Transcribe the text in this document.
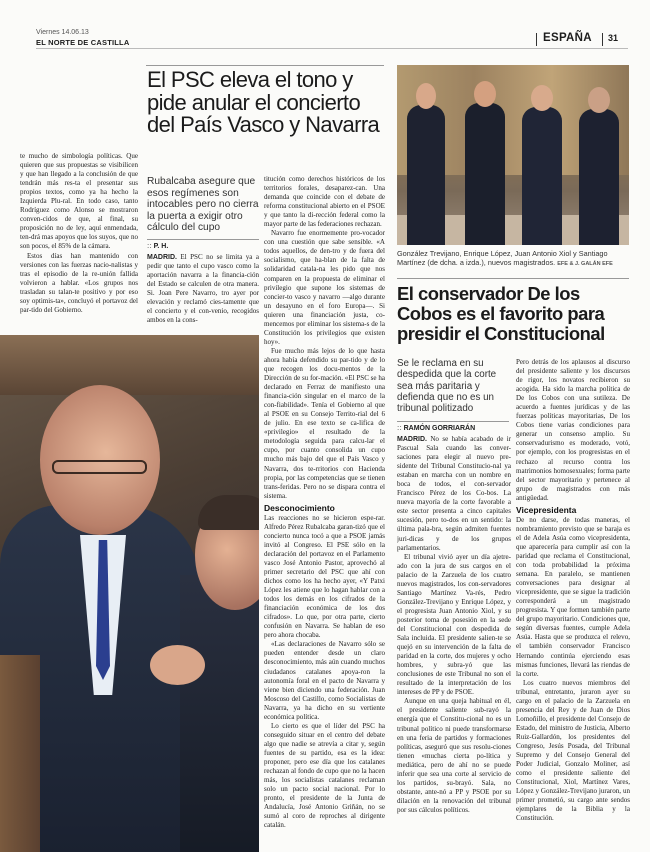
Viernes 14.06.13
EL NORTE DE CASTILLA	ESPAÑA 31

te mucho de simbología políticas. Que quieren que sus propuestas se visibilicen y que han llegado a la conclusión de que tendrán más res-ta el presentar sus propios textos, como ya ha hecho la Izquierda Plu-ral. En todo caso, tanto Rodríguez como Alonso se mostraron conven-cidos de que, al final, su proposición no de ley, aquí enmendada, ten-drá mas apoyos que los suyos, que no son pocos, el 85% de la cámara.

Estos días han mantenido con versiones con las fuerzas nacio-nalistas y tras el episodio de la re-unión fallida volvieron a hablar. «Los grupos nos trasladan su talan-te positivo y por eso soy optimis-ta», concluyó el portavoz del par-tido del Gobierno.

El PSC eleva el tono y pide anular el concierto del País Vasco y Navarra
Rubalcaba asegure que esos regímenes son intocables pero no cierra la puerta a exigir otro cálculo del cupo
:: P. H.

MADRID. El PSC no se limita ya a pedir que tanto el cupo vasco como la aportación navarra a la financia-ción del Estado se calculen de otra manera. Si. Joan Pere Navarro, tro ayer por elevación y reclamó cies-tamente que el concierto y el con-venio, recogidos ambos en la cons-

titución como derechos históricos de los territorios forales, desaparez-can. Una demanda que coincide con el debate de reforma constitucional abierto en el PSOE y que tanto la di-rección federal como la mayor parte de las federaciones rechazan.

Navarro fue enormemente pro-vocador con una cuestión que sabe sensible. «A todos aquellos, de den-tro y de fuera del socialismo, que ha-blan de la falta de solidaridad catala-na les pido que nos comparen en la propuesta de eliminar el privilegio que supone los sistemas de concier-to vasco y navarro —algo durante un desayuno en el foro Europa—. Si quieren una financiación justa, co-mencemos por eliminar los sistema-s de la Constitución los privilegios que existen hoy».

Fue mucho más lejos de lo que hasta ahora había defendido su par-tido y de lo que recogen los docu-mentos de la Dirección de su for-mación. «El PSC se ha declarado en Ferraz de manifiesto una financia-ción singular en el marco de la con-fiabilidad». Tenía el Gobierno al que al PSOE en su Consejo Territo-rial del 6 de julio. En ese texto se ca-lifica de «privilegio» el resultado de la metodología seguida para calcu-lar el cupo, por cuanto consolida un cupo mucho más bajo del que el País Vasco y Navarra, dos te-rritorios con Hacienda propia, por las competencias que se tienen trans-feridas. Pero no se dispara contra el sistema.

Desconocimiento

Las reacciones no se hicieron espe-rar. Alfredo Pérez Rubalcaba garan-tizó que el concierto nunca tocó a que a PSOE jamás invitó al Congreso. El PSE sólo en la declaración del portavoz en el Parlamento vasco José Antonio Pastor, aprovechó al primer secretario del PSC que ahí con dichos como los ha hecho ayer, «Y Patxi López les atiene que lo hagan hablar con a todos los demás en los cifrados de la financiación económica de los dos cifrados». Lo que, por otra parte, cierto confusión en Navarra. Se hablan de eso pero ahora chocaba.

«Las declaraciones de Navarro sólo se pueden entender desde un claro desconocimiento, más aún cuando muchos ciudadanos catalanes apoya-ron la autonomía foral en el pacto de Navarra y viene bien diciendo una federación. Juan Moscoso del Castillo, como Socialistas de Navarra, ya ha dicho en su vertiente económica política.

Lo cierto es que el líder del PSC ha conseguido situar en el centro del debate algo que nadie se atrevía a citar y, según fuentes de su partido, esa es la idea: proponer, pero ese día que los catalanes rechazan al fondo de cupo que no la hacen más, los socialistas catalanes reclaman solo un pacto social nacional. Por lo pronto, el presidente de la Junta de Andalucía, José Antonio Griñán, no se sumó al coro de reproches al dirigente catalán.

González Trevijano, Enrique López, Juan Antonio Xiol y Santiago Martínez (de dcha. a izda.), nuevos magistrados. EFE & J. GALÁN EFE
El conservador De los Cobos es el favorito para presidir el Constitucional
Se le reclama en su despedida que la corte sea más paritaria y defienda que no es un tribunal politizado
:: RAMÓN GORRIARÁN

MADRID. No se había acabado de ir Pascual Sala cuando las conver-saciones para elegir al nuevo pre-sidente del Tribunal Constitucio-nal ya estaban en marcha con un nombre en boca de todos, el con-servador Francisco Pérez de los Co-bos. La nueva mayoría de la corte favorable a este sector presenta a cinco capitales sucesión, pero to-dos en un sentido: la última pala-bra, según admiten fuentes juri-dicas y de los grupos parlamentarios.

El tribunal vivió ayer un día ajetre-ado con la jura de sus cargos en el palacio de la Zarzuela de los cuatro nuevos magistrados, los con-servadores Santiago Martínez Va-rés, Pedro González-Trevijano y Enrique López, y el progresista Juan Antonio Xiol, y su posterior toma de posesión en la sede del Constitucional con despedida de Sala incluida. El presidente salien-te se quejó en su intervención de la falta de paridad en la corte, dos mujeres y ocho hombres, y subra-yó que las conclusiones de este Tribunal no son el resultado de la interpretación de los intereses de PP y de PSOE.

Aunque en una queja habitual en él, el presidente saliente sub-rayó la energía que el Constitu-cional no es un tribunal político ni puede transformarse en una feria de partidos y formaciones políticas, aseguró que sus resolu-ciones tienen «muchas cierta po-lítica y mediática, pero de ahí no se puede inferir que sea una corte al servicio de los partidos, su-brayó. Sala, no obstante, ante-nó a PP y PSOE por su dilación en la renovación del tribunal por sus cálculos políticos.

Pero detrás de los aplausos al discurso del presidente saliente y los discursos de rigor, los novatos recibieron su acogida. Ha sido la marcha política de De los Cobos con una sutileza. De acuerdo a fuentes jurídicas y de las fuerzas políticas mayoritarias, De los Cobos tiene varias condiciones para generar un consenso amplio. Su conservadurismo es moderado, votó, por ejemplo, con los progresistas en el rechazo al recurso contra los matrimonios homosexuales; forma parte del sector mayoritario y pertenece al grupo de magistrados con más antigüedad.

Vicepresidenta

De no darse, de todas maneras, el nombramiento previsto que se baraja es el de Adela Asúa como vicepresidenta, que aparecería para cumplir así con la paridad que reclama el Constitucional, con toda probabilidad la próxima semana. En paralelo, se mantienen conversaciones para designar al vicepresidente, que se sigue la tradición corresponderá a un magistrado progresista. Y que formen también parte del grupo mayoritario. Condiciones que, según diversas fuentes, cumple Adela Asúa. Hasta que se produzca el relevo, el también conservador Francisco Hernando continúa ejerciendo esas mismas funciones, llevará las riendas de la corte.

Los cuatro nuevos miembros del tribunal, entretanto, juraron ayer su cargo en el palacio de la Zarzuela en presencia del Rey y de Juan de Dios Lomoñillo, el presidente del Consejo de Estado, del ministro de Justicia, Alberto Ruiz-Gallardón, los presidentes del Congreso, Jesús Posada, del Tribunal Supremo y del Consejo General del Poder Judicial, Gonzalo Moliner, así como el presidente saliente del Constitucional, Xiol, Martínez Vares, López y González-Trevijano juraron, un primer prometió, su cargo ante sendos ejemplares de la Biblia y la Constitución.
